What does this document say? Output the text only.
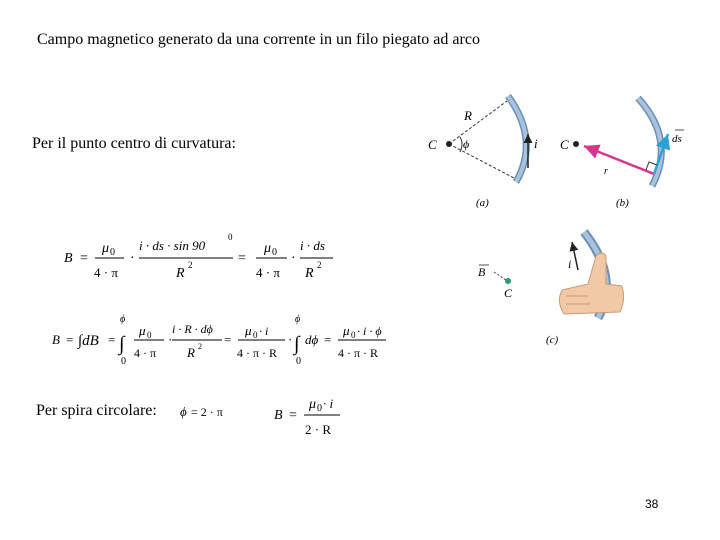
Campo magnetico generato da una corrente in un filo piegato ad arco
Per il punto centro di curvatura:
Per spira circolare:
38
C
R
ϕ	i
(a)
C	ds
r
(b)
B
C
i
(c)
B =
μ 0
4 · π
·
i · ds · sin 90
0
R
2	=
μ 0
4 · π
·
i · ds
R
2
B = ∫dB =
ϕ
∫
0
μ 0
4 · π
·
i · R · dϕ
R 2 =
μ 0 · i
4 · π · R
·
ϕ
∫
0
dϕ =
μ 0 · i · ϕ
4 · π · R
ϕ = 2 · π	B =
μ 0 · i
2 · R
